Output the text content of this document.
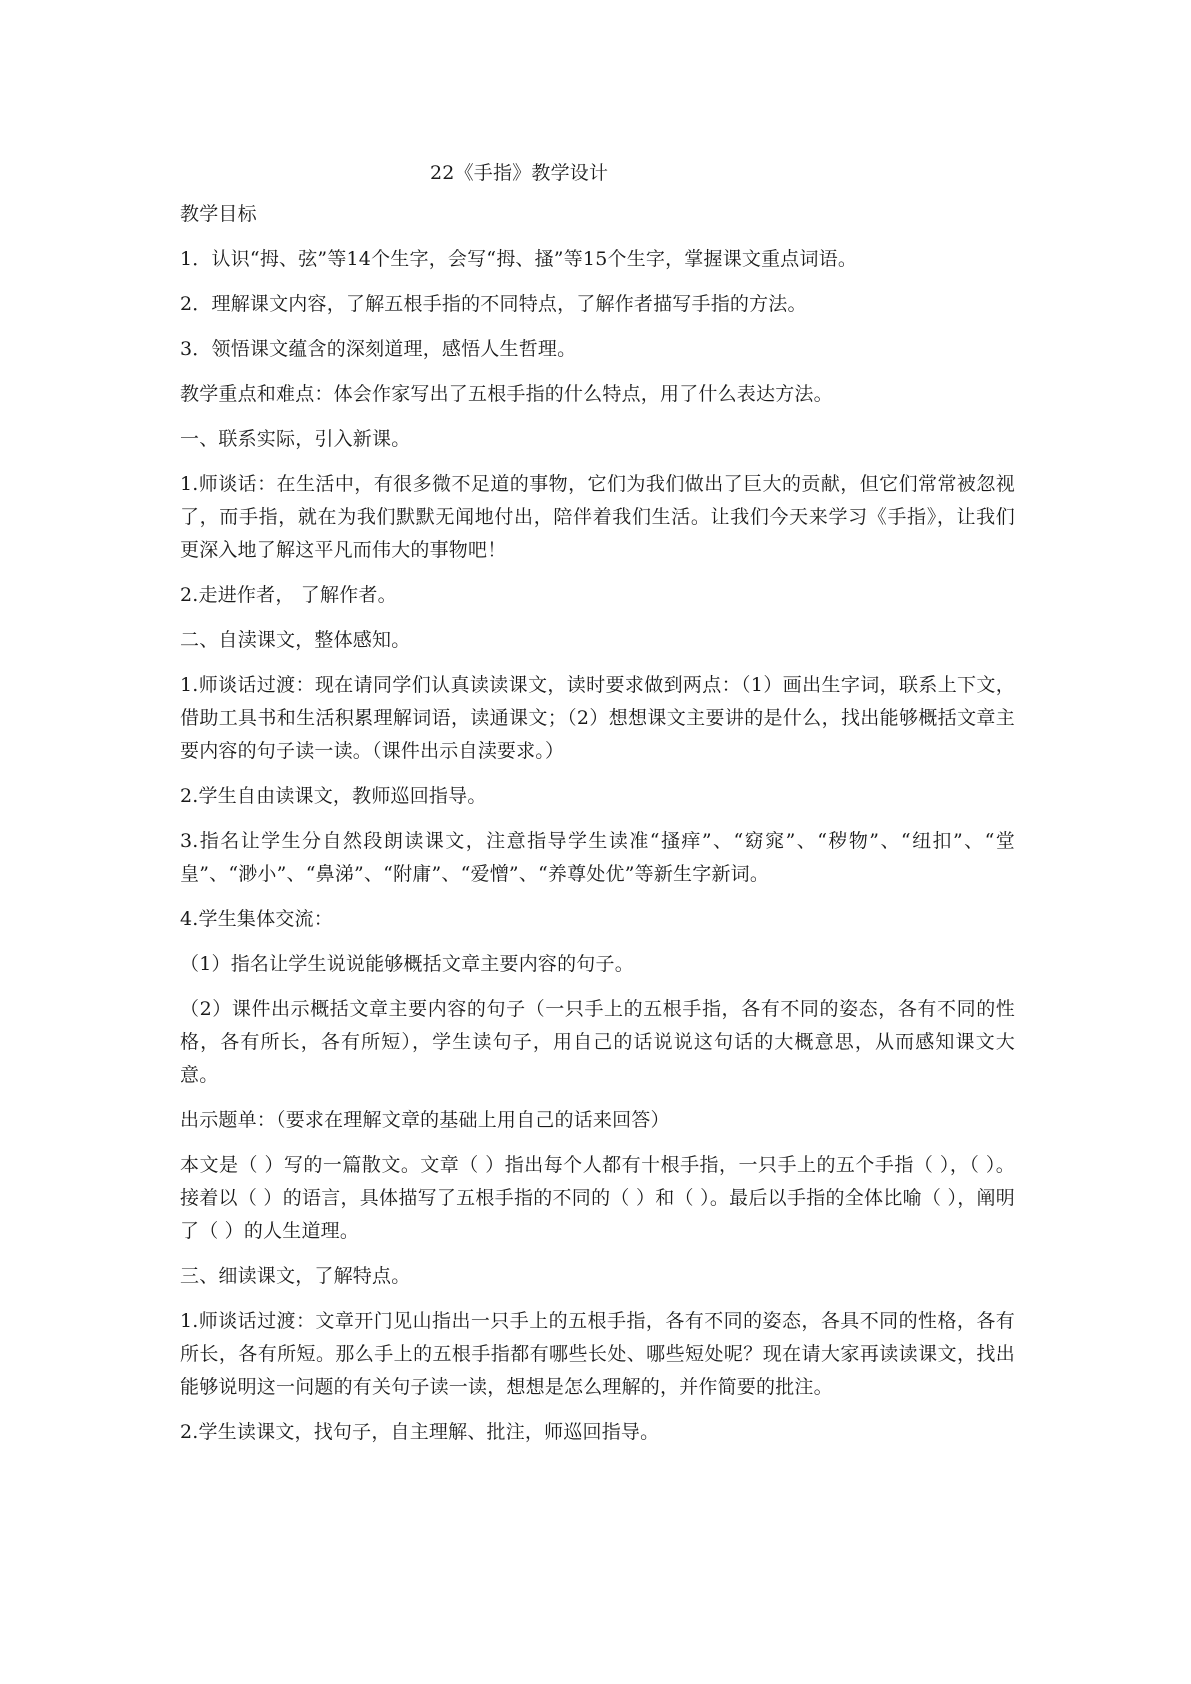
22《手指》教学设计
教学目标
1．认识“拇、弦”等14个生字，会写“拇、搔”等15个生字，掌握课文重点词语。
2．理解课文内容，了解五根手指的不同特点，了解作者描写手指的方法。
3．领悟课文蕴含的深刻道理，感悟人生哲理。
教学重点和难点：体会作家写出了五根手指的什么特点，用了什么表达方法。
一、联系实际，引入新课。
1.师谈话：在生活中，有很多微不足道的事物，它们为我们做出了巨大的贡献，但它们常常被忽视了，而手指，就在为我们默默无闻地付出，陪伴着我们生活。让我们今天来学习《手指》，让我们更深入地了解这平凡而伟大的事物吧！
2.走进作者， 了解作者。
二、自渎课文，整体感知。
1.师谈话过渡：现在请同学们认真读读课文，读时要求做到两点：（1）画出生字词，联系上下文，借助工具书和生活积累理解词语，读通课文；（2）想想课文主要讲的是什么，找出能够概括文章主要内容的句子读一读。（课件出示自渎要求。）
2.学生自由读课文，教师巡回指导。
3.指名让学生分自然段朗读课文，注意指导学生读准“搔痒”、“窈窕”、“秽物”、“纽扣”、“堂皇”、“渺小”、“鼻涕”、“附庸”、“爱憎”、“养尊处优”等新生字新词。
4.学生集体交流：
（1）指名让学生说说能够概括文章主要内容的句子。
（2）课件出示概括文章主要内容的句子（一只手上的五根手指，各有不同的姿态，各有不同的性格，各有所长，各有所短），学生读句子，用自己的话说说这句话的大概意思，从而感知课文大意。
出示题单：（要求在理解文章的基础上用自己的话来回答）
本文是（ ）写的一篇散文。文章（ ）指出每个人都有十根手指，一只手上的五个手指（ ），（ ）。接着以（ ）的语言，具体描写了五根手指的不同的（ ）和（ ）。最后以手指的全体比喻（ ），阐明了（ ）的人生道理。
三、细读课文，了解特点。
1.师谈话过渡：文章开门见山指出一只手上的五根手指，各有不同的姿态，各具不同的性格，各有所长，各有所短。那么手上的五根手指都有哪些长处、哪些短处呢？现在请大家再读读课文，找出能够说明这一问题的有关句子读一读，想想是怎么理解的，并作简要的批注。
2.学生读课文，找句子，自主理解、批注，师巡回指导。
